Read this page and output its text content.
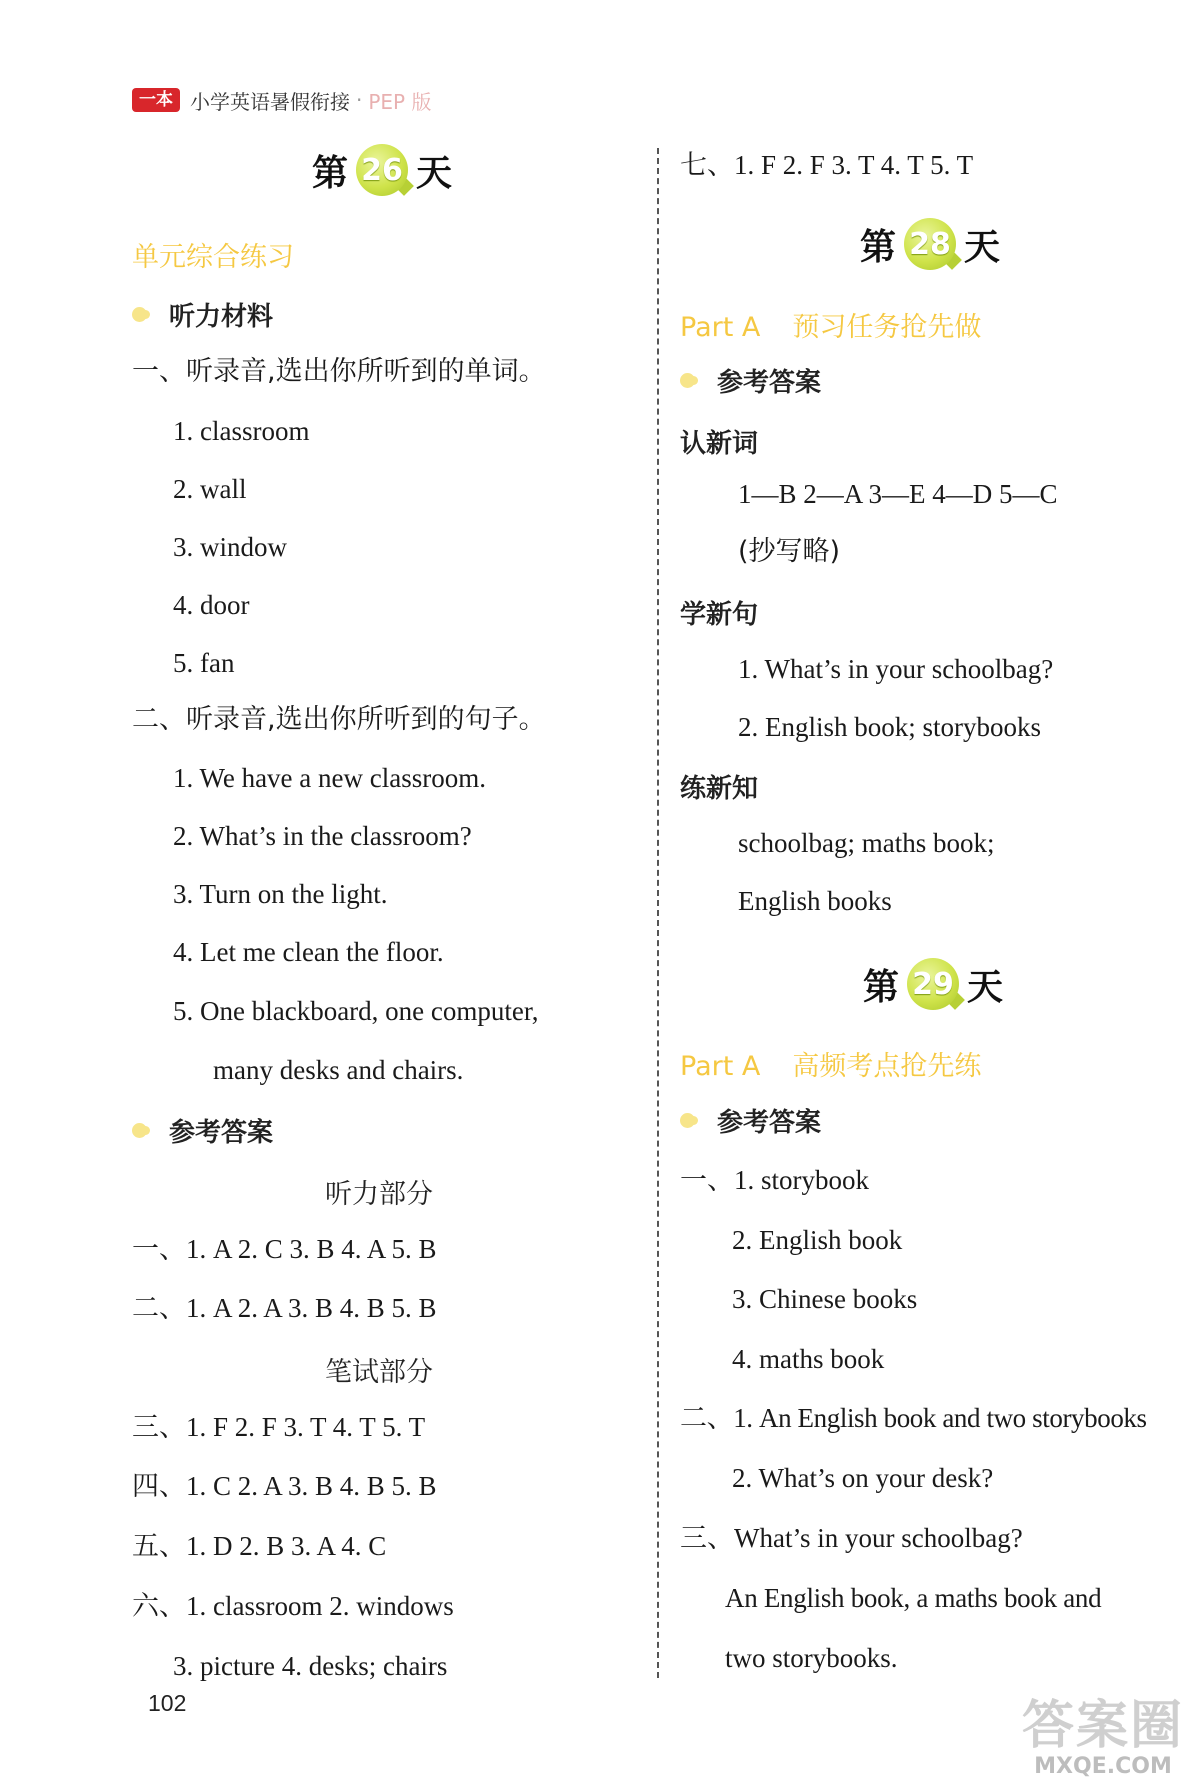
一本 小学英语暑假衔接 · PEP 版
第 26 天
单元综合练习
听力材料
一、听录音,选出你所听到的单词。
1. classroom
2. wall
3. window
4. door
5. fan
二、听录音,选出你所听到的句子。
1. We have a new classroom.
2. What’s in the classroom?
3. Turn on the light.
4. Let me clean the floor.
5. One blackboard, one computer,
many desks and chairs.
参考答案
听力部分
一、1. A 2. C 3. B 4. A 5. B
二、1. A 2. A 3. B 4. B 5. B
笔试部分
三、1. F 2. F 3. T 4. T 5. T
四、1. C 2. A 3. B 4. B 5. B
五、1. D 2. B 3. A 4. C
六、1. classroom 2. windows
3. picture 4. desks; chairs
七、1. F 2. F 3. T 4. T 5. T
第 28 天
Part A 预习任务抢先做
参考答案
认新词
1—B 2—A 3—E 4—D 5—C
(抄写略)
学新句
1. What’s in your schoolbag?
2. English book; storybooks
练新知
schoolbag; maths book;
English books
第 29 天
Part A 高频考点抢先练
参考答案
一、1. storybook
2. English book
3. Chinese books
4. maths book
二、1. An English book and two storybooks
2. What’s on your desk?
三、What’s in your schoolbag?
An English book, a maths book and
two storybooks.
102	答案圈
MXQE.COM
